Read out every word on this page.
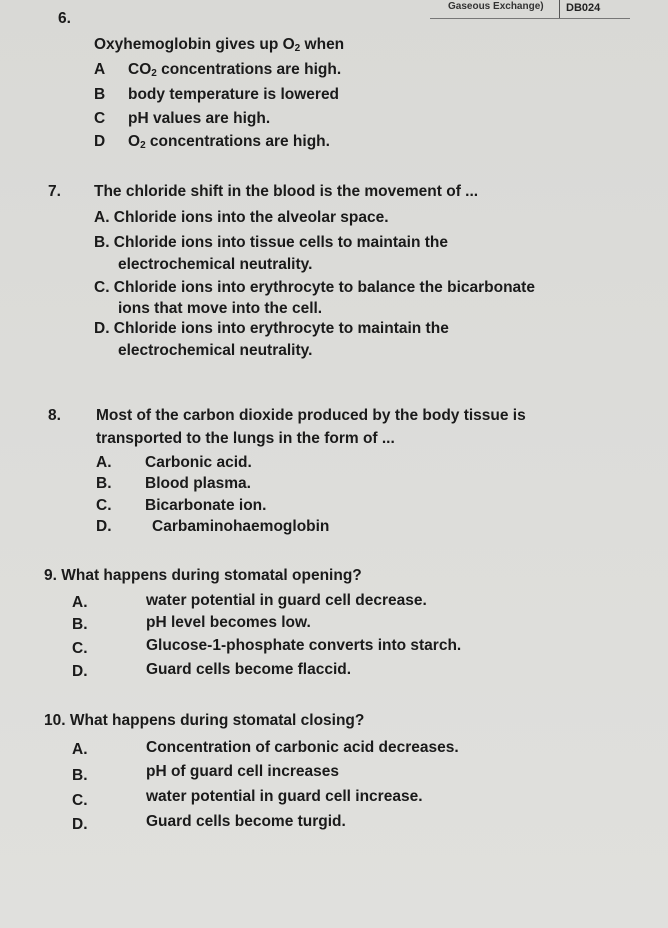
Gaseous Exchange) DB024
6.
Oxyhemoglobin gives up $O_2$ when
A $CO_2$ concentrations are high.
B body temperature is lowered
C pH values are high.
D $O_2$ concentrations are high.
7. The chloride shift in the blood is the movement of ...
A. Chloride ions into the alveolar space.
B. Chloride ions into tissue cells to maintain the
electrochemical neutrality.
C. Chloride ions into erythrocyte to balance the bicarbonate
ions that move into the cell.
D. Chloride ions into erythrocyte to maintain the
electrochemical neutrality.
8. Most of the carbon dioxide produced by the body tissue is
transported to the lungs in the form of ...
A. Carbonic acid.
B. Blood plasma.
C. Bicarbonate ion.
D.	Carbaminohaemoglobin
9. What happens during stomatal opening?
A.	water potential in guard cell decrease.
B.	pH level becomes low.
C.	Glucose-1-phosphate converts into starch.
D.	Guard cells become flaccid.
10. What happens during stomatal closing?
A.	Concentration of carbonic acid decreases.
B.	pH of guard cell increases
C.	water potential in guard cell increase.
D.	Guard cells become turgid.
